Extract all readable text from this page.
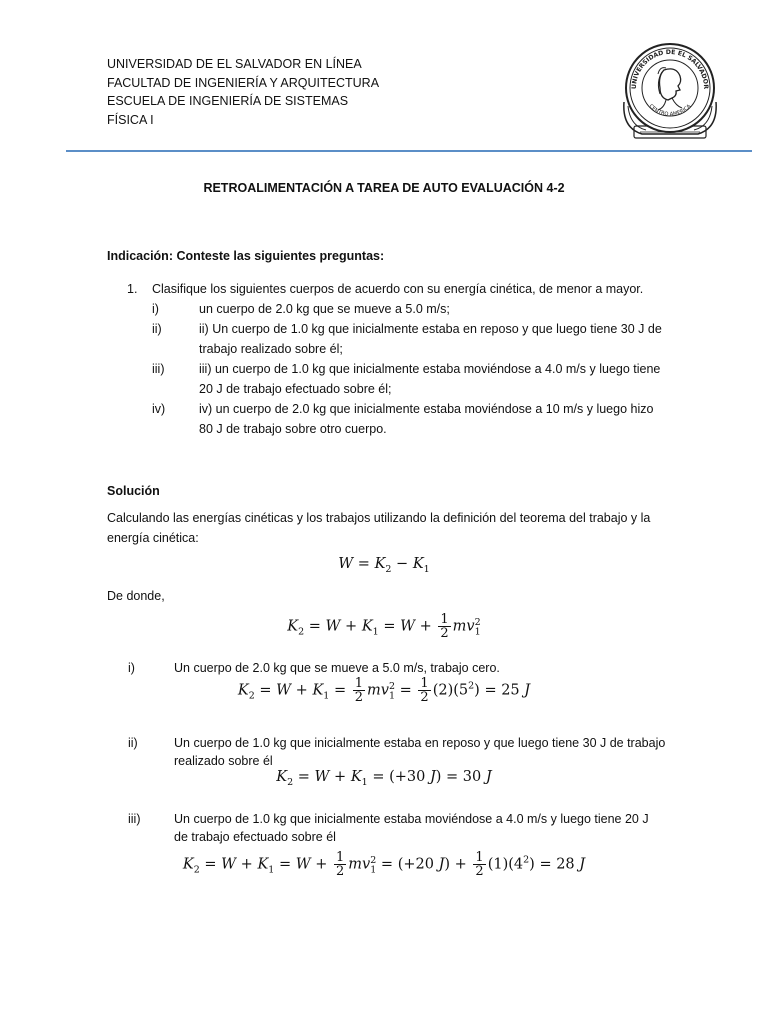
UNIVERSIDAD DE EL SALVADOR EN LÍNEA
FACULTAD DE INGENIERÍA Y ARQUITECTURA
ESCUELA DE INGENIERÍA DE SISTEMAS
FÍSICA I
UNIVERSIDAD DE EL SALVADOR
CENTRO AMERICA
RETROALIMENTACIÓN A TAREA DE AUTO EVALUACIÓN 4-2
Indicación: Conteste las siguientes preguntas:
1. Clasifique los siguientes cuerpos de acuerdo con su energía cinética, de menor a mayor.
i)	un cuerpo de 2.0 kg que se mueve a 5.0 m/s;
ii)	ii) Un cuerpo de 1.0 kg que inicialmente estaba en reposo y que luego tiene 30 J de
trabajo realizado sobre él;
iii)	iii) un cuerpo de 1.0 kg que inicialmente estaba moviéndose a 4.0 m/s y luego tiene
20 J de trabajo efectuado sobre él;
iv)	iv) un cuerpo de 2.0 kg que inicialmente estaba moviéndose a 10 m/s y luego hizo
80 J de trabajo sobre otro cuerpo.
Solución
Calculando las energías cinéticas y los trabajos utilizando la definición del teorema del trabajo y la
energía cinética:
$W = K_2 - K_1$
De donde,
$K_2 = W + K_1 = W + \frac{1}{2} mv_1^2$
i)	Un cuerpo de 2.0 kg que se mueve a 5.0 m/s, trabajo cero.
$K_2 = W + K_1 = \frac{1}{2} mv_1^2 = \frac{1}{2} (2)(5^2) = 25$ J
ii)	Un cuerpo de 1.0 kg que inicialmente estaba en reposo y que luego tiene 30 J de trabajo
realizado sobre él
$K_2 = W + K_1 = (+30$ J) = 30 J
iii)	Un cuerpo de 1.0 kg que inicialmente estaba moviéndose a 4.0 m/s y luego tiene 20 J
de trabajo efectuado sobre él
$K_2 = W + K_1 = W + \frac{1}{2} mv_1^2 = (+20$ $J) + \frac{1}{2} (1)(4^2) = 28$ J
